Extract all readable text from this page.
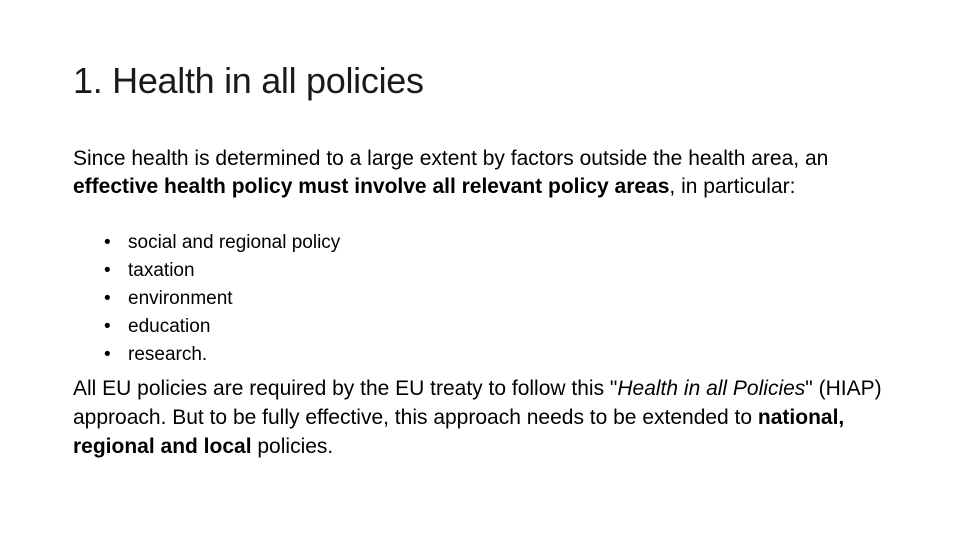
1. Health in all policies

Since health is determined to a large extent by factors outside the health area, an effective health policy must involve all relevant policy areas, in particular:

• social and regional policy
• taxation
• environment
• education
• research.

All EU policies are required by the EU treaty to follow this "Health in all Policies" (HIAP) approach. But to be fully effective, this approach needs to be extended to national, regional and local policies.
